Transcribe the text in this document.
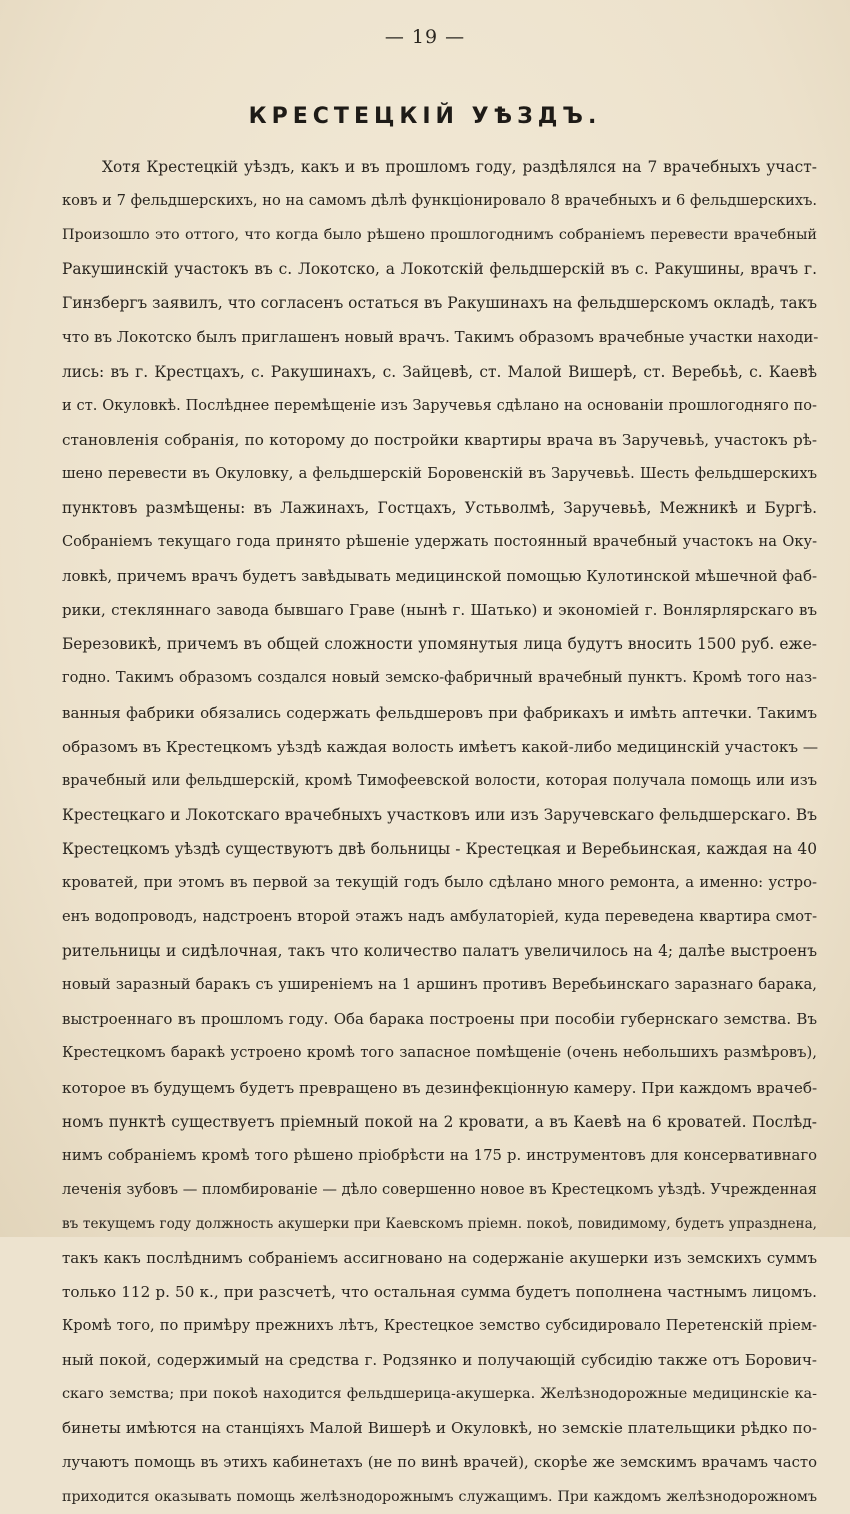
— 19 —
КРЕСТЕЦКІЙ УѢЗДЪ.
Хотя Крестецкій уѣздъ, какъ и въ прошломъ году, раздѣлялся на 7 врачебныхъ участ-
ковъ и 7 фельдшерскихъ, но на самомъ дѣлѣ функціонировало 8 врачебныхъ и 6 фельдшерскихъ.
Произошло это оттого, что когда было рѣшено прошлогоднимъ собраніемъ перевести врачебный
Ракушинскій участокъ въ с. Локотско, а Локотскій фельдшерскій въ с. Ракушины, врачъ г.
Гинзбергъ заявилъ, что согласенъ остаться въ Ракушинахъ на фельдшерскомъ окладѣ, такъ
что въ Локотско былъ приглашенъ новый врачъ. Такимъ образомъ врачебные участки находи-
лись: въ г. Крестцахъ, с. Ракушинахъ, с. Зайцевѣ, ст. Малой Вишерѣ, ст. Веребьѣ, с. Каевѣ
и ст. Окуловкѣ. Послѣднее перемѣщеніе изъ Заручевья сдѣлано на основаніи прошлогодняго по-
становленія собранія, по которому до постройки квартиры врача въ Заручевьѣ, участокъ рѣ-
шено перевести въ Окуловку, а фельдшерскій Боровенскій въ Заручевьѣ. Шесть фельдшерскихъ
пунктовъ размѣщены: въ Лажинахъ, Гостцахъ, Устьволмѣ, Заручевьѣ, Межникѣ и Бургѣ.
Собраніемъ текущаго года принято рѣшеніе удержать постоянный врачебный участокъ на Оку-
ловкѣ, причемъ врачъ будетъ завѣдывать медицинской помощью Кулотинской мѣшечной фаб-
рики, стекляннаго завода бывшаго Граве (нынѣ г. Шатько) и экономіей г. Вонлярлярскаго въ
Березовикѣ, причемъ въ общей сложности упомянутыя лица будутъ вносить 1500 руб. еже-
годно. Такимъ образомъ создался новый земско-фабричный врачебный пунктъ. Кромѣ того наз-
ванныя фабрики обязались содержать фельдшеровъ при фабрикахъ и имѣть аптечки. Такимъ
образомъ въ Крестецкомъ уѣздѣ каждая волость имѣетъ какой-либо медицинскій участокъ —
врачебный или фельдшерскій, кромѣ Тимофеевской волости, которая получала помощь или изъ
Крестецкаго и Локотскаго врачебныхъ участковъ или изъ Заручевскаго фельдшерскаго. Въ
Крестецкомъ уѣздѣ существуютъ двѣ больницы - Крестецкая и Веребьинская, каждая на 40
кроватей, при этомъ въ первой за текущій годъ было сдѣлано много ремонта, а именно: устро-
енъ водопроводъ, надстроенъ второй этажъ надъ амбулаторіей, куда переведена квартира смот-
рительницы и сидѣлочная, такъ что количество палатъ увеличилось на 4; далѣе выстроенъ
новый заразный баракъ съ уширеніемъ на 1 аршинъ противъ Веребьинскаго заразнаго барака,
выстроеннаго въ прошломъ году. Оба барака построены при пособіи губернскаго земства. Въ
Крестецкомъ баракѣ устроено кромѣ того запасное помѣщеніе (очень небольшихъ размѣровъ),
которое въ будущемъ будетъ превращено въ дезинфекціонную камеру. При каждомъ врачеб-
номъ пунктѣ существуетъ пріемный покой на 2 кровати, а въ Каевѣ на 6 кроватей. Послѣд-
нимъ собраніемъ кромѣ того рѣшено пріобрѣсти на 175 р. инструментовъ для консервативнаго
леченія зубовъ — пломбированіе — дѣло совершенно новое въ Крестецкомъ уѣздѣ. Учрежденная
въ текущемъ году должность акушерки при Каевскомъ пріемн. покоѣ, повидимому, будетъ упразднена,
такъ какъ послѣднимъ собраніемъ ассигновано на содержаніе акушерки изъ земскихъ суммъ
только 112 р. 50 к., при разсчетѣ, что остальная сумма будетъ пополнена частнымъ лицомъ.
Кромѣ того, по примѣру прежнихъ лѣтъ, Крестецкое земство субсидировало Перетенскій пріем-
ный покой, содержимый на средства г. Родзянко и получающій субсидію также отъ Борович-
скаго земства; при покоѣ находится фельдшерица-акушерка. Желѣзнодорожные медицинскіе ка-
бинеты имѣются на станціяхъ Малой Вишерѣ и Окуловкѣ, но земскіе плательщики рѣдко по-
лучаютъ помощь въ этихъ кабинетахъ (не по винѣ врачей), скорѣе же земскимъ врачамъ часто
приходится оказывать помощь желѣзнодорожнымъ служащимъ. При каждомъ желѣзнодорожномъ
